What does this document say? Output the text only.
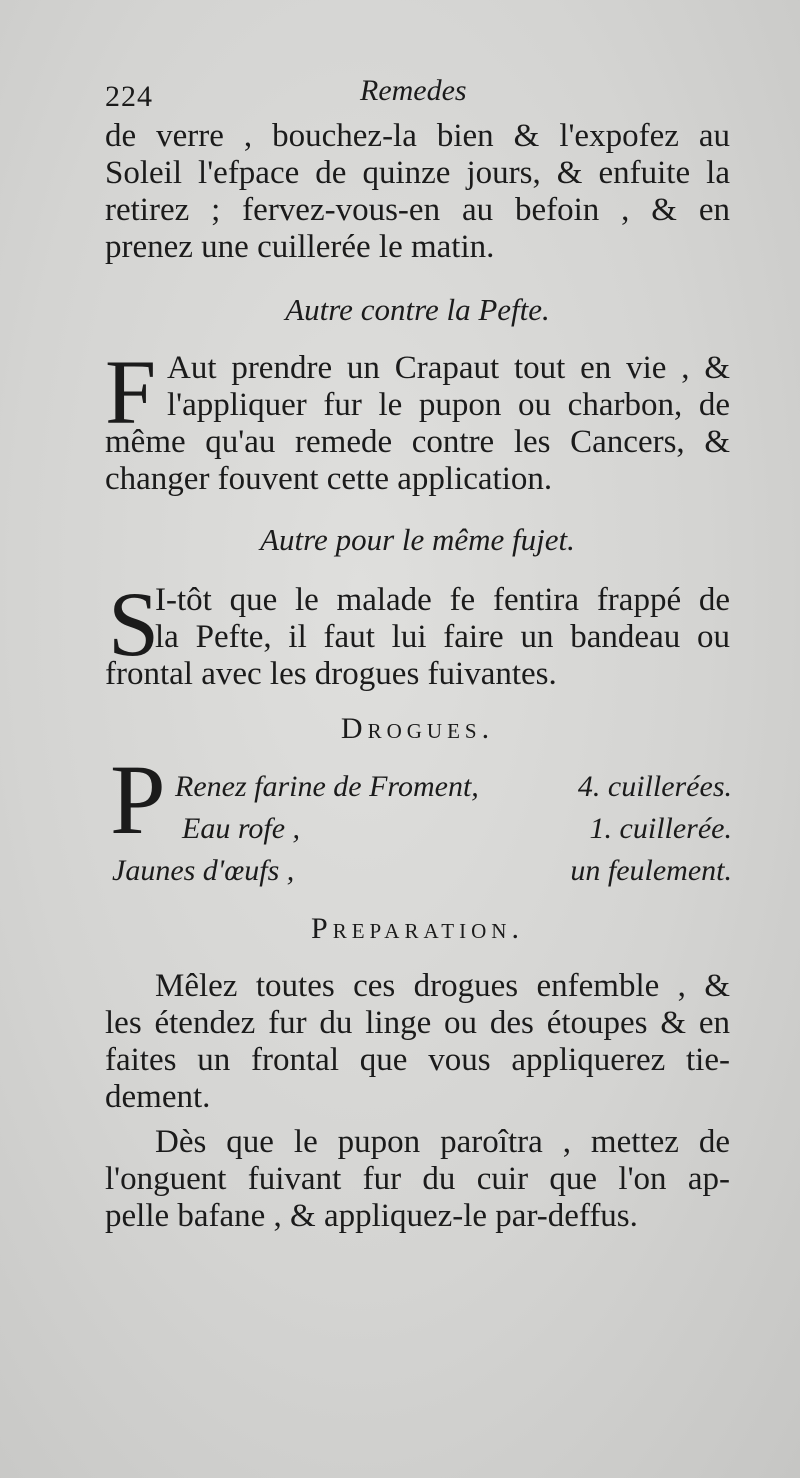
224	Remedes
de verre , bouchez-la bien & l'expofez au
Soleil l'efpace de quinze jours, & enfuite la
retirez ; fervez-vous-en au befoin , & en
prenez une cuillerée le matin.
Autre contre la Pefte.
F Aut prendre un Crapaut tout en vie , &
l'appliquer fur le pupon ou charbon, de
même qu'au remede contre les Cancers, &
changer fouvent cette application.
Autre pour le même fujet.
S
I-tôt que le malade fe fentira frappé de
la Pefte, il faut lui faire un bandeau ou
frontal avec les drogues fuivantes.
Drogues.
P Renez farine de Froment,	4. cuillerées.
Eau rofe ,	1. cuillerée.
Jaunes d'œufs ,	un feulement.
Preparation.
Mêlez toutes ces drogues enfemble , &
les étendez fur du linge ou des étoupes & en
faites un frontal que vous appliquerez tie-
dement.
Dès que le pupon paroîtra , mettez de
l'onguent fuivant fur du cuir que l'on ap-
pelle bafane , & appliquez-le par-deffus.
